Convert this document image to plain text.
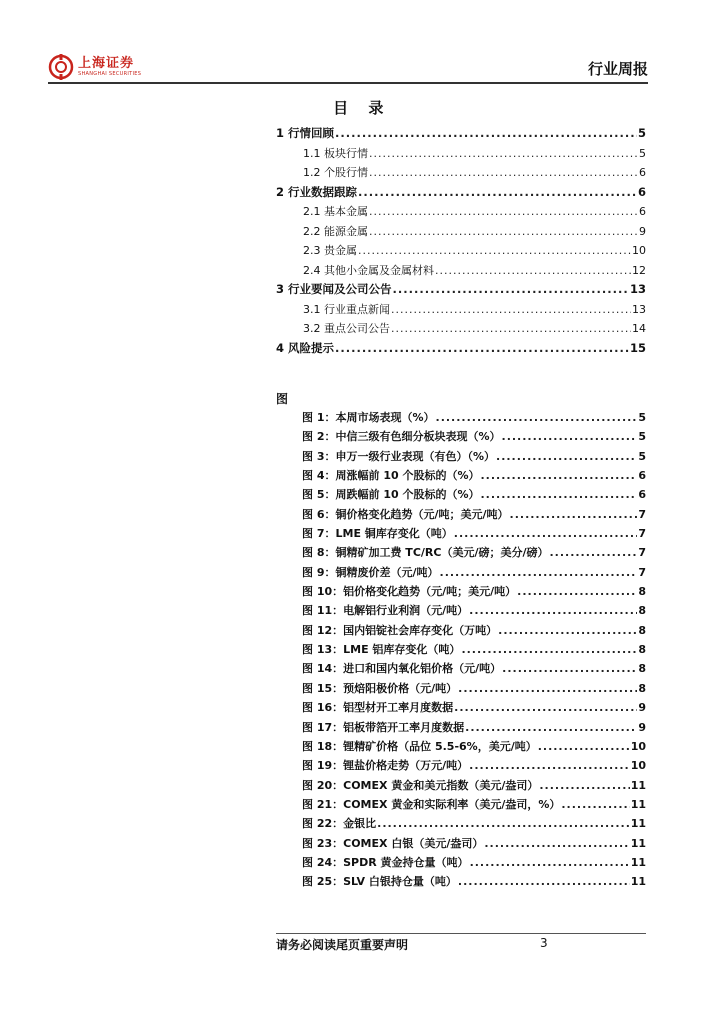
上海证券
SHANGHAI SECURITIES	行业周报
目 录
1 行情回顾 .....	5
1.1 板块行情 .....	5
1.2 个股行情 .....	6
2 行业数据跟踪 .....	6
2.1 基本金属 .....	6
2.2 能源金属 .....	9
2.3 贵金属 .....	10
2.4 其他小金属及金属材料 .....	12
3 行业要闻及公司公告 .....	13
3.1 行业重点新闻 .....	13
3.2 重点公司公告 .....	14
4 风险提示 .....	15
图
图 1：本周市场表现（%） .....	5
图 2：中信三级有色细分板块表现（%） .....	5
图 3：申万一级行业表现（有色）（%） .....	5
图 4：周涨幅前 10 个股标的（%） .....	6
图 5：周跌幅前 10 个股标的（%） .....	6
图 6：铜价格变化趋势（元/吨；美元/吨） .....	7
图 7：LME 铜库存变化（吨） .....	7
图 8：铜精矿加工费 TC/RC（美元/磅；美分/磅） .....	7
图 9：铜精废价差（元/吨） .....	7
图 10：铝价格变化趋势（元/吨；美元/吨） .....	8
图 11：电解铝行业利润（元/吨） .....	8
图 12：国内铝锭社会库存变化（万吨） .....	8
图 13：LME 铝库存变化（吨） .....	8
图 14：进口和国内氧化铝价格（元/吨） .....	8
图 15：预焙阳极价格（元/吨） .....	8
图 16：铝型材开工率月度数据 .....	9
图 17：铝板带箔开工率月度数据 .....	9
图 18：锂精矿价格（品位 5.5-6%，美元/吨） .....	10
图 19：锂盐价格走势（万元/吨） .....	10
图 20：COMEX 黄金和美元指数（美元/盎司） .....	11
图 21：COMEX 黄金和实际利率（美元/盎司，%） .....	11
图 22：金银比 .....	11
图 23：COMEX 白银（美元/盎司） .....	11
图 24：SPDR 黄金持仓量（吨） .....	11
图 25：SLV 白银持仓量（吨） .....	11
请务必阅读尾页重要声明	3
